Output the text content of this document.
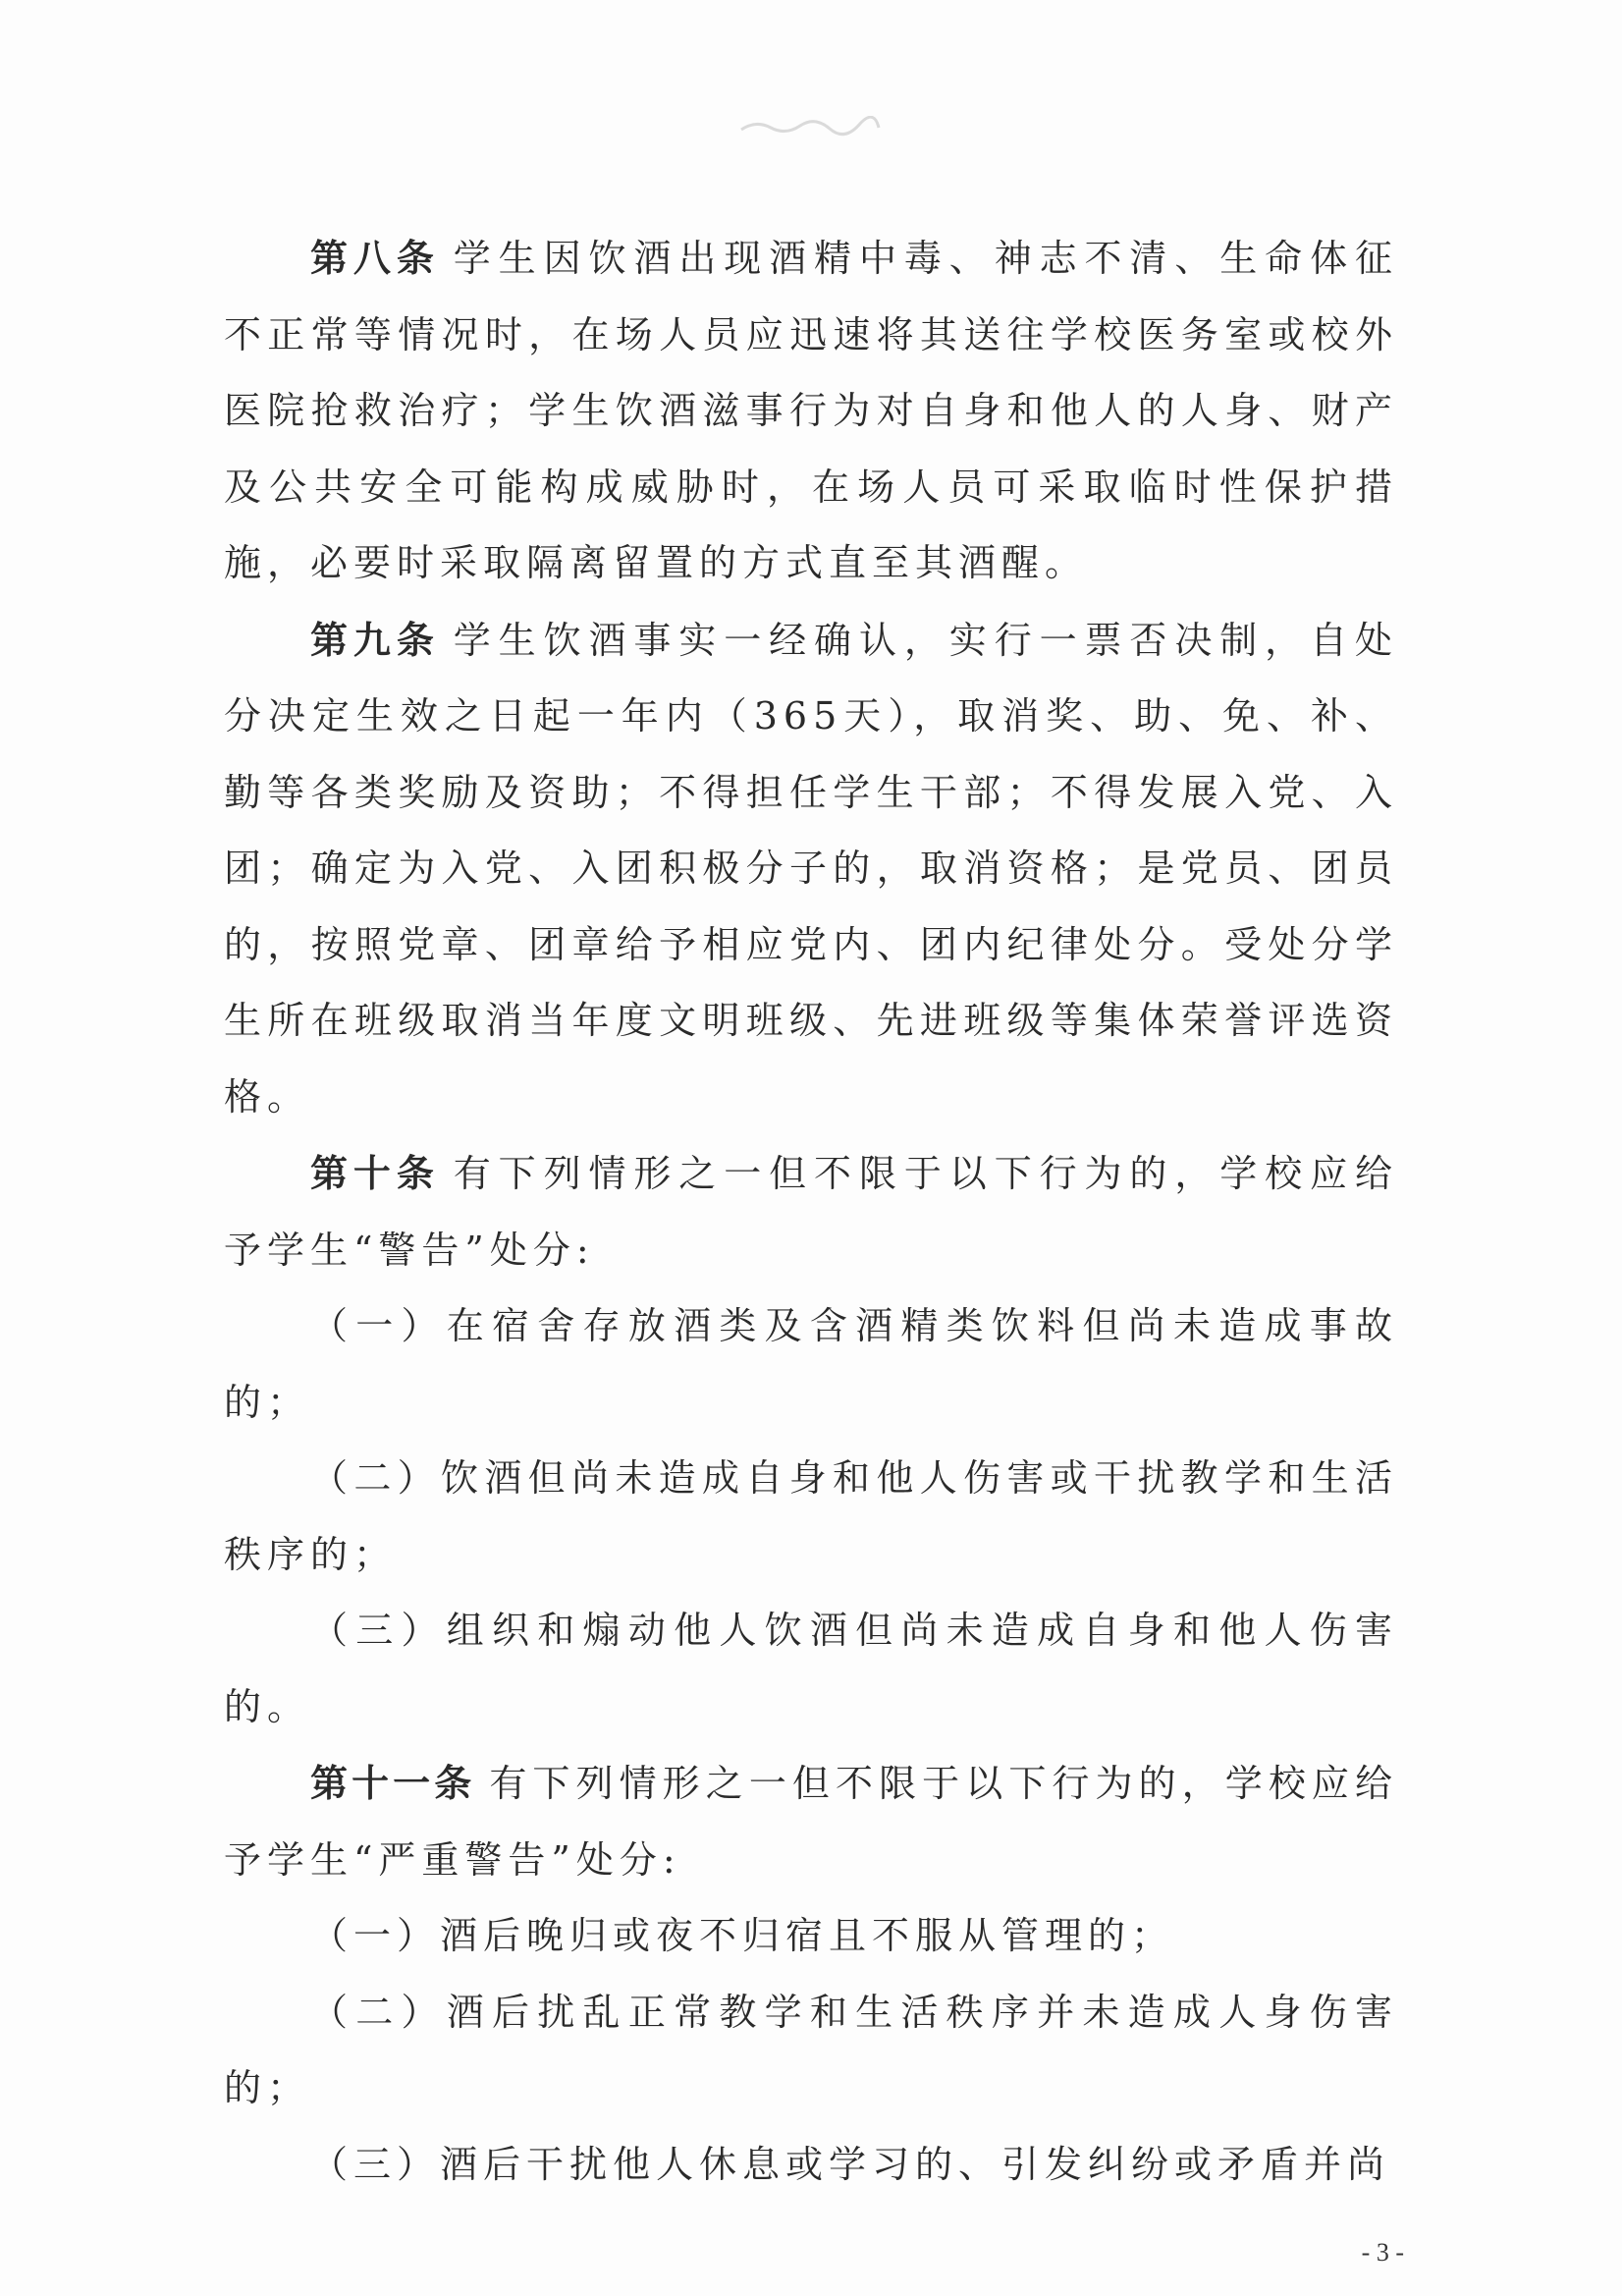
第八条 学生因饮酒出现酒精中毒、神志不清、生命体征不正常等情况时，在场人员应迅速将其送往学校医务室或校外医院抢救治疗；学生饮酒滋事行为对自身和他人的人身、财产及公共安全可能构成威胁时，在场人员可采取临时性保护措施，必要时采取隔离留置的方式直至其酒醒。

第九条 学生饮酒事实一经确认，实行一票否决制，自处分决定生效之日起一年内（365天），取消奖、助、免、补、勤等各类奖励及资助；不得担任学生干部；不得发展入党、入团；确定为入党、入团积极分子的，取消资格；是党员、团员的，按照党章、团章给予相应党内、团内纪律处分。受处分学生所在班级取消当年度文明班级、先进班级等集体荣誉评选资格。

第十条 有下列情形之一但不限于以下行为的，学校应给予学生“警告”处分:

（一）在宿舍存放酒类及含酒精类饮料但尚未造成事故的；

（二）饮酒但尚未造成自身和他人伤害或干扰教学和生活秩序的；

（三）组织和煽动他人饮酒但尚未造成自身和他人伤害的。

第十一条 有下列情形之一但不限于以下行为的，学校应给予学生“严重警告”处分:

（一）酒后晚归或夜不归宿且不服从管理的；

（二）酒后扰乱正常教学和生活秩序并未造成人身伤害的；

（三）酒后干扰他人休息或学习的、引发纠纷或矛盾并尚

- 3 -
